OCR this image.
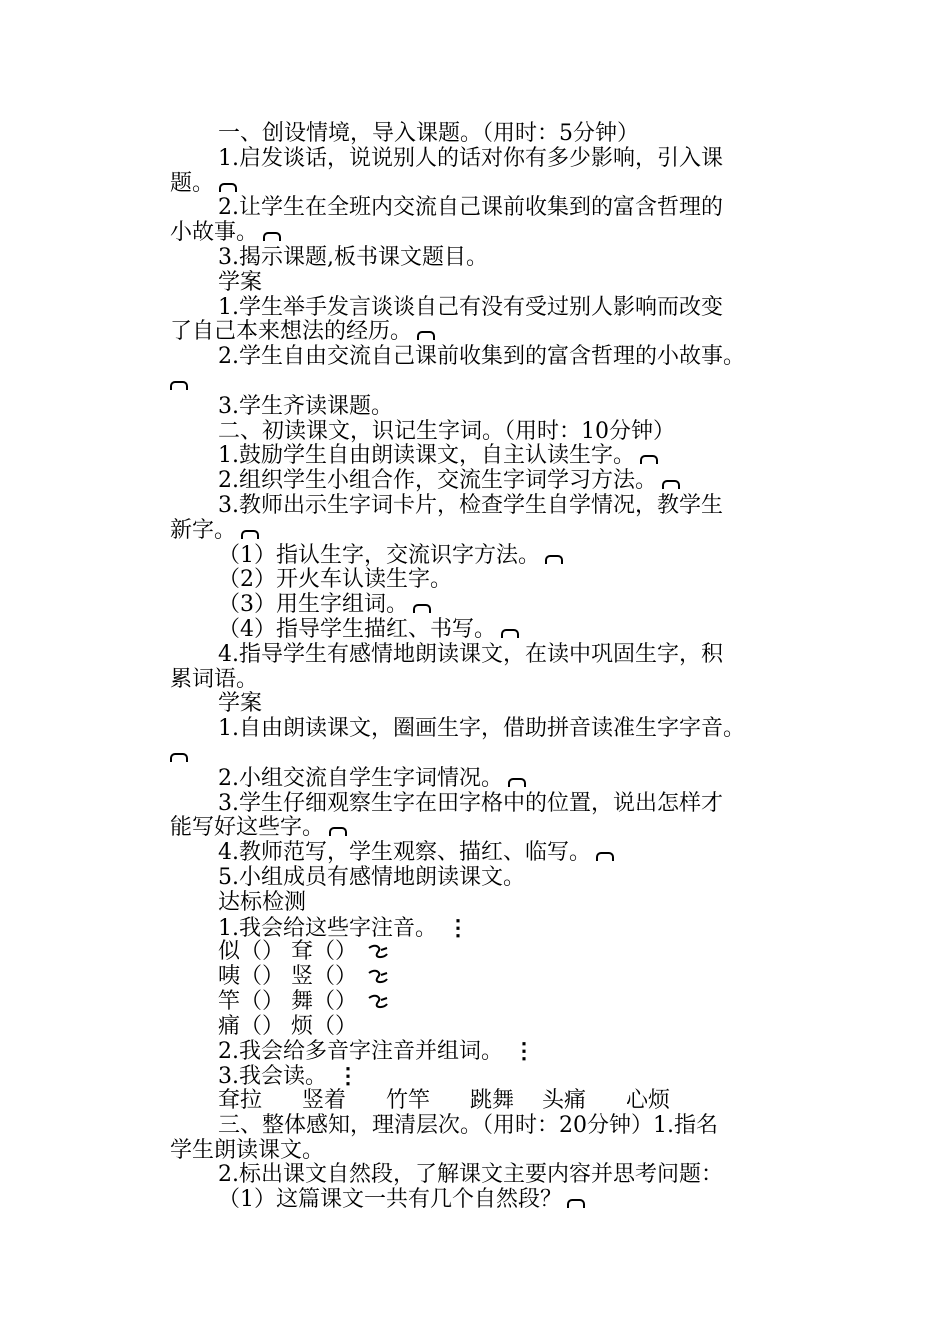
一、创设情境，导入课题。（用时：5分钟）
1.启发谈话，说说别人的话对你有多少影响，引入课
题。
2.让学生在全班内交流自己课前收集到的富含哲理的
小故事。
3.揭示课题,板书课文题目。
学案
1.学生举手发言谈谈自己有没有受过别人影响而改变
了自己本来想法的经历。
2.学生自由交流自己课前收集到的富含哲理的小故事。
3.学生齐读课题。
二、初读课文，识记生字词。（用时：10分钟）
1.鼓励学生自由朗读课文，自主认读生字。
2.组织学生小组合作，交流生字词学习方法。
3.教师出示生字词卡片，检查学生自学情况，教学生
新字。
（1）指认生字，交流识字方法。
（2）开火车认读生字。
（3）用生字组词。
（4）指导学生描红、书写。
4.指导学生有感情地朗读课文，在读中巩固生字，积
累词语。
学案
1.自由朗读课文，圈画生字，借助拼音读准生字字音。
2.小组交流自学生字词情况。
3.学生仔细观察生字在田字格中的位置，说出怎样才
能写好这些字。
4.教师范写，学生观察、描红、临写。
5.小组成员有感情地朗读课文。
达标检测
1.我会给这些字注音。 ⋮
似（） 耷（）
咦（） 竖（）
竿（） 舞（）
痛（） 烦（）
2.我会给多音字注音并组词。 ⋮
3.我会读。 ⋮
耷拉 竖着 竹竿 跳舞 头痛 心烦
三、整体感知，理清层次。（用时：20分钟）1.指名
学生朗读课文。
2.标出课文自然段，了解课文主要内容并思考问题：
（1）这篇课文一共有几个自然段？
